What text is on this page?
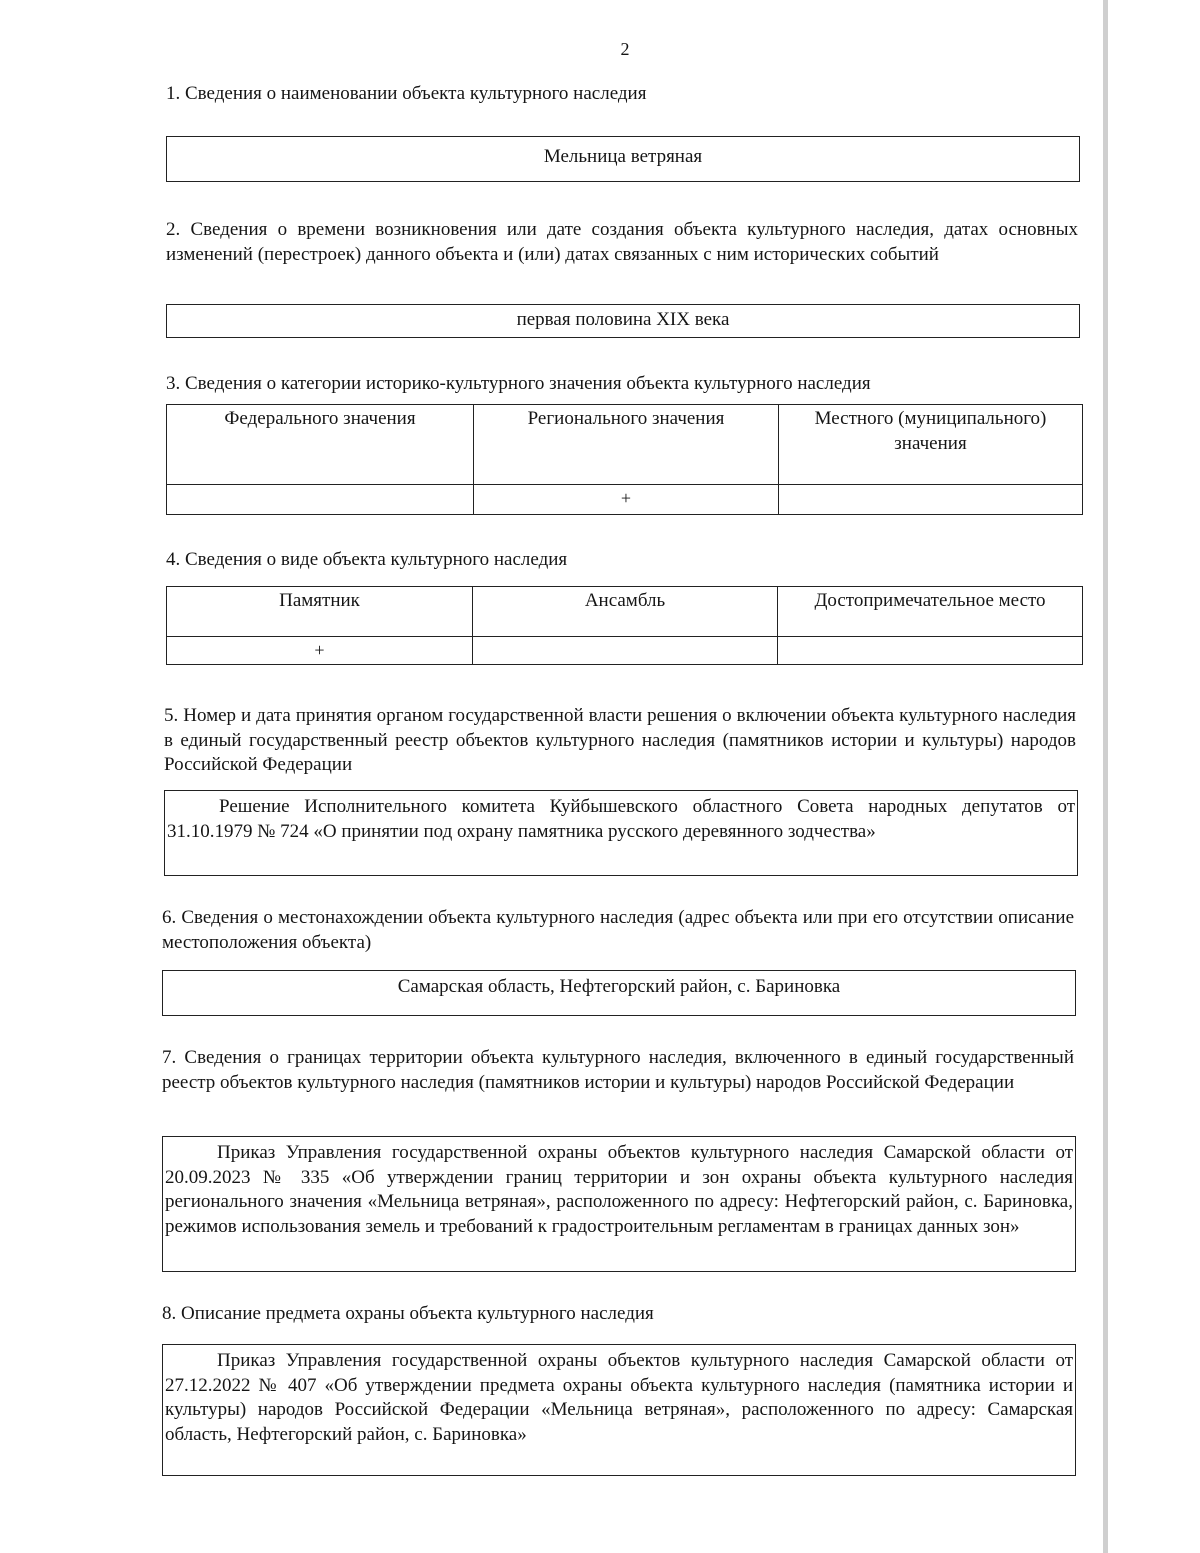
2
1. Сведения о наименовании объекта культурного наследия
Мельница ветряная
2. Сведения о времени возникновения или дате создания объекта культурного наследия, датах основных изменений (перестроек) данного объекта и (или) датах связанных с ним исторических событий
первая половина XIX века
3. Сведения о категории историко-культурного значения объекта культурного наследия
Федерального значения	Регионального значения	Местного (муниципального) значения
	+	
4. Сведения о виде объекта культурного наследия
Памятник	Ансамбль	Достопримечательное место
+		
5. Номер и дата принятия органом государственной власти решения о включении объекта культурного наследия в единый государственный реестр объектов культурного наследия (памятников истории и культуры) народов Российской Федерации
Решение Исполнительного комитета Куйбышевского областного Совета народных депутатов от 31.10.1979 № 724 «О принятии под охрану памятника русского деревянного зодчества»
6. Сведения о местонахождении объекта культурного наследия (адрес объекта или при его отсутствии описание местоположения объекта)
Самарская область, Нефтегорский район, с. Бариновка
7. Сведения о границах территории объекта культурного наследия, включенного в единый государственный реестр объектов культурного наследия (памятников истории и культуры) народов Российской Федерации
Приказ Управления государственной охраны объектов культурного наследия Самарской области от 20.09.2023 № 335 «Об утверждении границ территории и зон охраны объекта культурного наследия регионального значения «Мельница ветряная», расположенного по адресу: Нефтегорский район, с. Бариновка, режимов использования земель и требований к градостроительным регламентам в границах данных зон»
8. Описание предмета охраны объекта культурного наследия
Приказ Управления государственной охраны объектов культурного наследия Самарской области от 27.12.2022 № 407 «Об утверждении предмета охраны объекта культурного наследия (памятника истории и культуры) народов Российской Федерации «Мельница ветряная», расположенного по адресу: Самарская область, Нефтегорский район, с. Бариновка»
